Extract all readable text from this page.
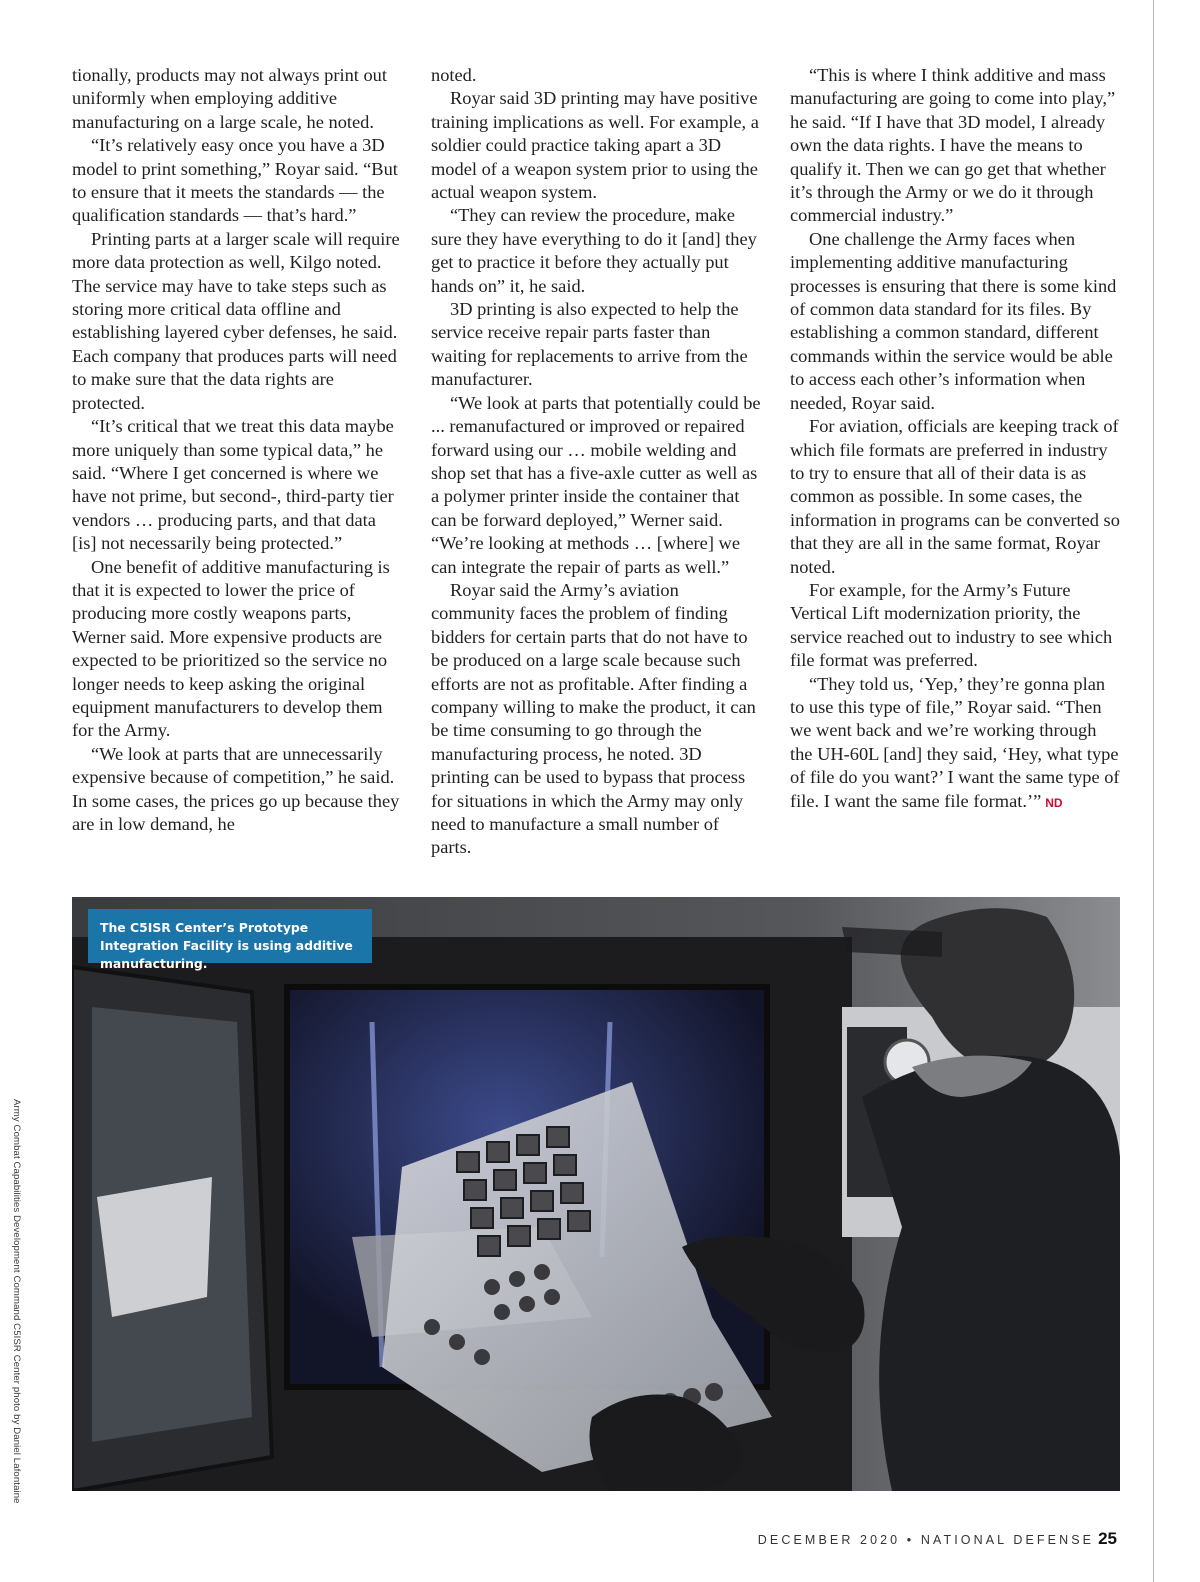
tionally, products may not always print out uniformly when employing additive manufacturing on a large scale, he noted.

“It’s relatively easy once you have a 3D model to print something,” Royar said. “But to ensure that it meets the standards — the qualification standards — that’s hard.”

Printing parts at a larger scale will require more data protection as well, Kilgo noted. The service may have to take steps such as storing more critical data offline and establishing layered cyber defenses, he said. Each company that produces parts will need to make sure that the data rights are protected.

“It’s critical that we treat this data maybe more uniquely than some typical data,” he said. “Where I get concerned is where we have not prime, but second-, third-party tier vendors … producing parts, and that data [is] not necessarily being protected.”

One benefit of additive manufacturing is that it is expected to lower the price of producing more costly weapons parts, Werner said. More expensive products are expected to be prioritized so the service no longer needs to keep asking the original equipment manufacturers to develop them for the Army.

“We look at parts that are unnecessarily expensive because of competition,” he said. In some cases, the prices go up because they are in low demand, he

noted.

Royar said 3D printing may have positive training implications as well. For example, a soldier could practice taking apart a 3D model of a weapon system prior to using the actual weapon system.

“They can review the procedure, make sure they have everything to do it [and] they get to practice it before they actually put hands on” it, he said.

3D printing is also expected to help the service receive repair parts faster than waiting for replacements to arrive from the manufacturer.

“We look at parts that potentially could be ... remanufactured or improved or repaired forward using our … mobile welding and shop set that has a five-axle cutter as well as a polymer printer inside the container that can be forward deployed,” Werner said. “We’re looking at methods … [where] we can integrate the repair of parts as well.”

Royar said the Army’s aviation community faces the problem of finding bidders for certain parts that do not have to be produced on a large scale because such efforts are not as profitable. After finding a company willing to make the product, it can be time consuming to go through the manufacturing process, he noted. 3D printing can be used to bypass that process for situations in which the Army may only need to manufacture a small number of parts.

“This is where I think additive and mass manufacturing are going to come into play,” he said. “If I have that 3D model, I already own the data rights. I have the means to qualify it. Then we can go get that whether it’s through the Army or we do it through commercial industry.”

One challenge the Army faces when implementing additive manufacturing processes is ensuring that there is some kind of common data standard for its files. By establishing a common standard, different commands within the service would be able to access each other’s information when needed, Royar said.

For aviation, officials are keeping track of which file formats are preferred in industry to try to ensure that all of their data is as common as possible. In some cases, the information in programs can be converted so that they are all in the same format, Royar noted.

For example, for the Army’s Future Vertical Lift modernization priority, the service reached out to industry to see which file format was preferred.

“They told us, ‘Yep,’ they’re gonna plan to use this type of file,” Royar said. “Then we went back and we’re working through the UH-60L [and] they said, ‘Hey, what type of file do you want?’ I want the same type of file. I want the same file format.’” ND

The C5ISR Center’s Prototype Integration Facility is using additive manufacturing.
Army Combat Capabilities Development Command C5ISR Center photo by Daniel Lafontaine
DECEMBER 2020 • NATIONAL DEFENSE 25
